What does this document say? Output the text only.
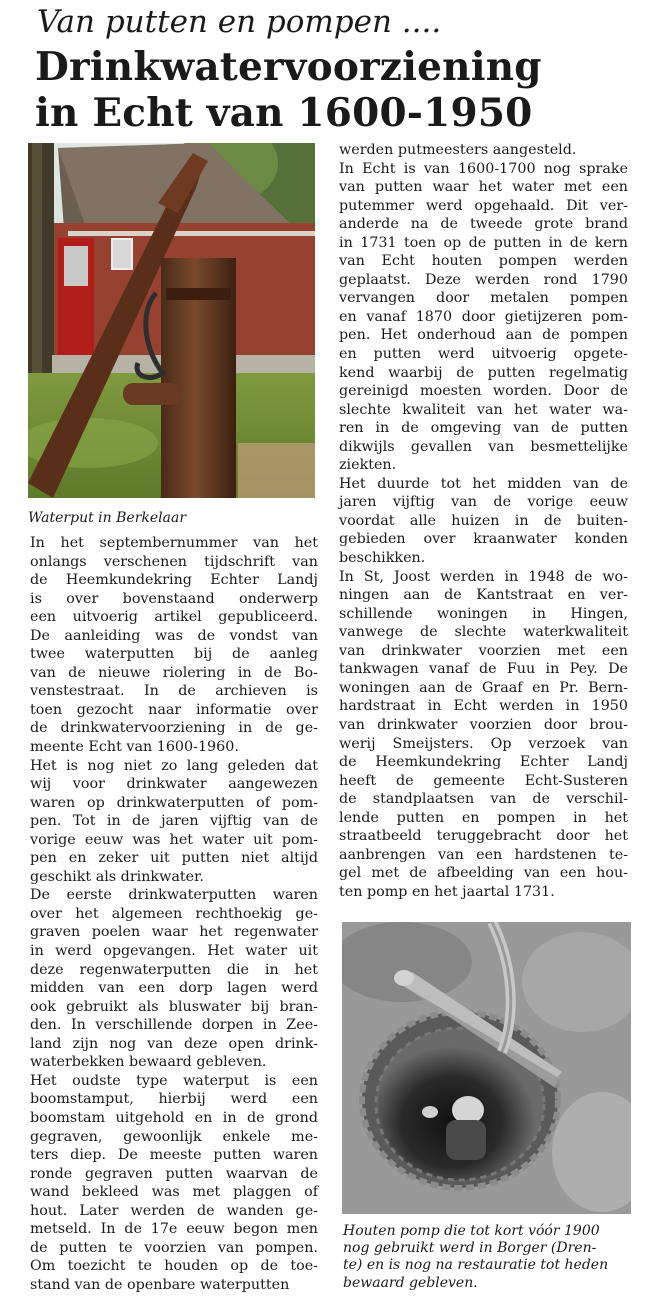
Van putten en pompen ....
Drinkwatervoorziening
in Echt van 1600-1950
Waterput in Berkelaar
In het septembernummer van het
onlangs verschenen tijdschrift van
de Heemkundekring Echter Landj
is over bovenstaand onderwerp
een uitvoerig artikel gepubliceerd.
De aanleiding was de vondst van
twee waterputten bij de aanleg
van de nieuwe riolering in de Bo-
venstestraat. In de archieven is
toen gezocht naar informatie over
de drinkwatervoorziening in de ge-
meente Echt van 1600-1960.
Het is nog niet zo lang geleden dat
wij voor drinkwater aangewezen
waren op drinkwaterputten of pom-
pen. Tot in de jaren vijftig van de
vorige eeuw was het water uit pom-
pen en zeker uit putten niet altijd
geschikt als drinkwater.
De eerste drinkwaterputten waren
over het algemeen rechthoekig ge-
graven poelen waar het regenwater
in werd opgevangen. Het water uit
deze regenwaterputten die in het
midden van een dorp lagen werd
ook gebruikt als bluswater bij bran-
den. In verschillende dorpen in Zee-
land zijn nog van deze open drink-
waterbekken bewaard gebleven.
Het oudste type waterput is een
boomstamput, hierbij werd een
boomstam uitgehold en in de grond
gegraven, gewoonlijk enkele me-
ters diep. De meeste putten waren
ronde gegraven putten waarvan de
wand bekleed was met plaggen of
hout. Later werden de wanden ge-
metseld. In de 17e eeuw begon men
de putten te voorzien van pompen.
Om toezicht te houden op de toe-
stand van de openbare waterputten
werden putmeesters aangesteld.
In Echt is van 1600-1700 nog sprake
van putten waar het water met een
putemmer werd opgehaald. Dit ver-
anderde na de tweede grote brand
in 1731 toen op de putten in de kern
van Echt houten pompen werden
geplaatst. Deze werden rond 1790
vervangen door metalen pompen
en vanaf 1870 door gietijzeren pom-
pen. Het onderhoud aan de pompen
en putten werd uitvoerig opgete-
kend waarbij de putten regelmatig
gereinigd moesten worden. Door de
slechte kwaliteit van het water wa-
ren in de omgeving van de putten
dikwijls gevallen van besmettelijke
ziekten.
Het duurde tot het midden van de
jaren vijftig van de vorige eeuw
voordat alle huizen in de buiten-
gebieden over kraanwater konden
beschikken.
In St, Joost werden in 1948 de wo-
ningen aan de Kantstraat en ver-
schillende woningen in Hingen,
vanwege de slechte waterkwaliteit
van drinkwater voorzien met een
tankwagen vanaf de Fuu in Pey. De
woningen aan de Graaf en Pr. Bern-
hardstraat in Echt werden in 1950
van drinkwater voorzien door brou-
werij Smeijsters. Op verzoek van
de Heemkundekring Echter Landj
heeft de gemeente Echt-Susteren
de standplaatsen van de verschil-
lende putten en pompen in het
straatbeeld teruggebracht door het
aanbrengen van een hardstenen te-
gel met de afbeelding van een hou-
ten pomp en het jaartal 1731.
Houten pomp die tot kort vóór 1900
nog gebruikt werd in Borger (Dren-
te) en is nog na restauratie tot heden
bewaard gebleven.
